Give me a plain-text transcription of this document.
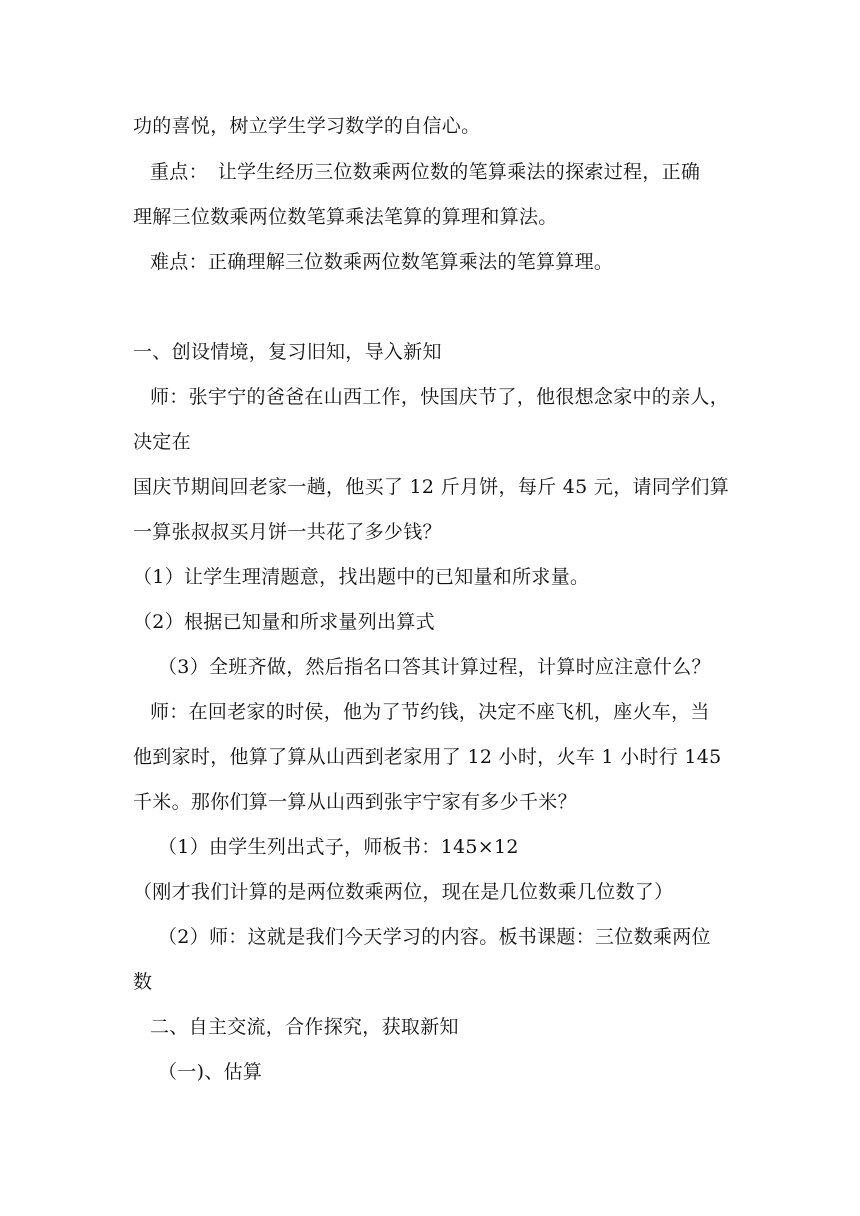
功的喜悦，树立学生学习数学的自信心。
重点：　让学生经历三位数乘两位数的笔算乘法的探索过程，正确
理解三位数乘两位数笔算乘法笔算的算理和算法。
难点：正确理解三位数乘两位数笔算乘法的笔算算理。
一、创设情境，复习旧知，导入新知
师：张宇宁的爸爸在山西工作，快国庆节了，他很想念家中的亲人，
决定在
国庆节期间回老家一趟，他买了 12 斤月饼，每斤 45 元，请同学们算
一算张叔叔买月饼一共花了多少钱？
（1）让学生理清题意，找出题中的已知量和所求量。
（2）根据已知量和所求量列出算式
（3）全班齐做，然后指名口答其计算过程，计算时应注意什么？
师：在回老家的时侯，他为了节约钱，决定不座飞机，座火车，当
他到家时，他算了算从山西到老家用了 12 小时，火车 1 小时行 145
千米。那你们算一算从山西到张宇宁家有多少千米？
（1）由学生列出式子，师板书：145×12
（刚才我们计算的是两位数乘两位，现在是几位数乘几位数了）
（2）师：这就是我们今天学习的内容。板书课题：三位数乘两位
数
二、自主交流，合作探究，获取新知
（一)、估算
